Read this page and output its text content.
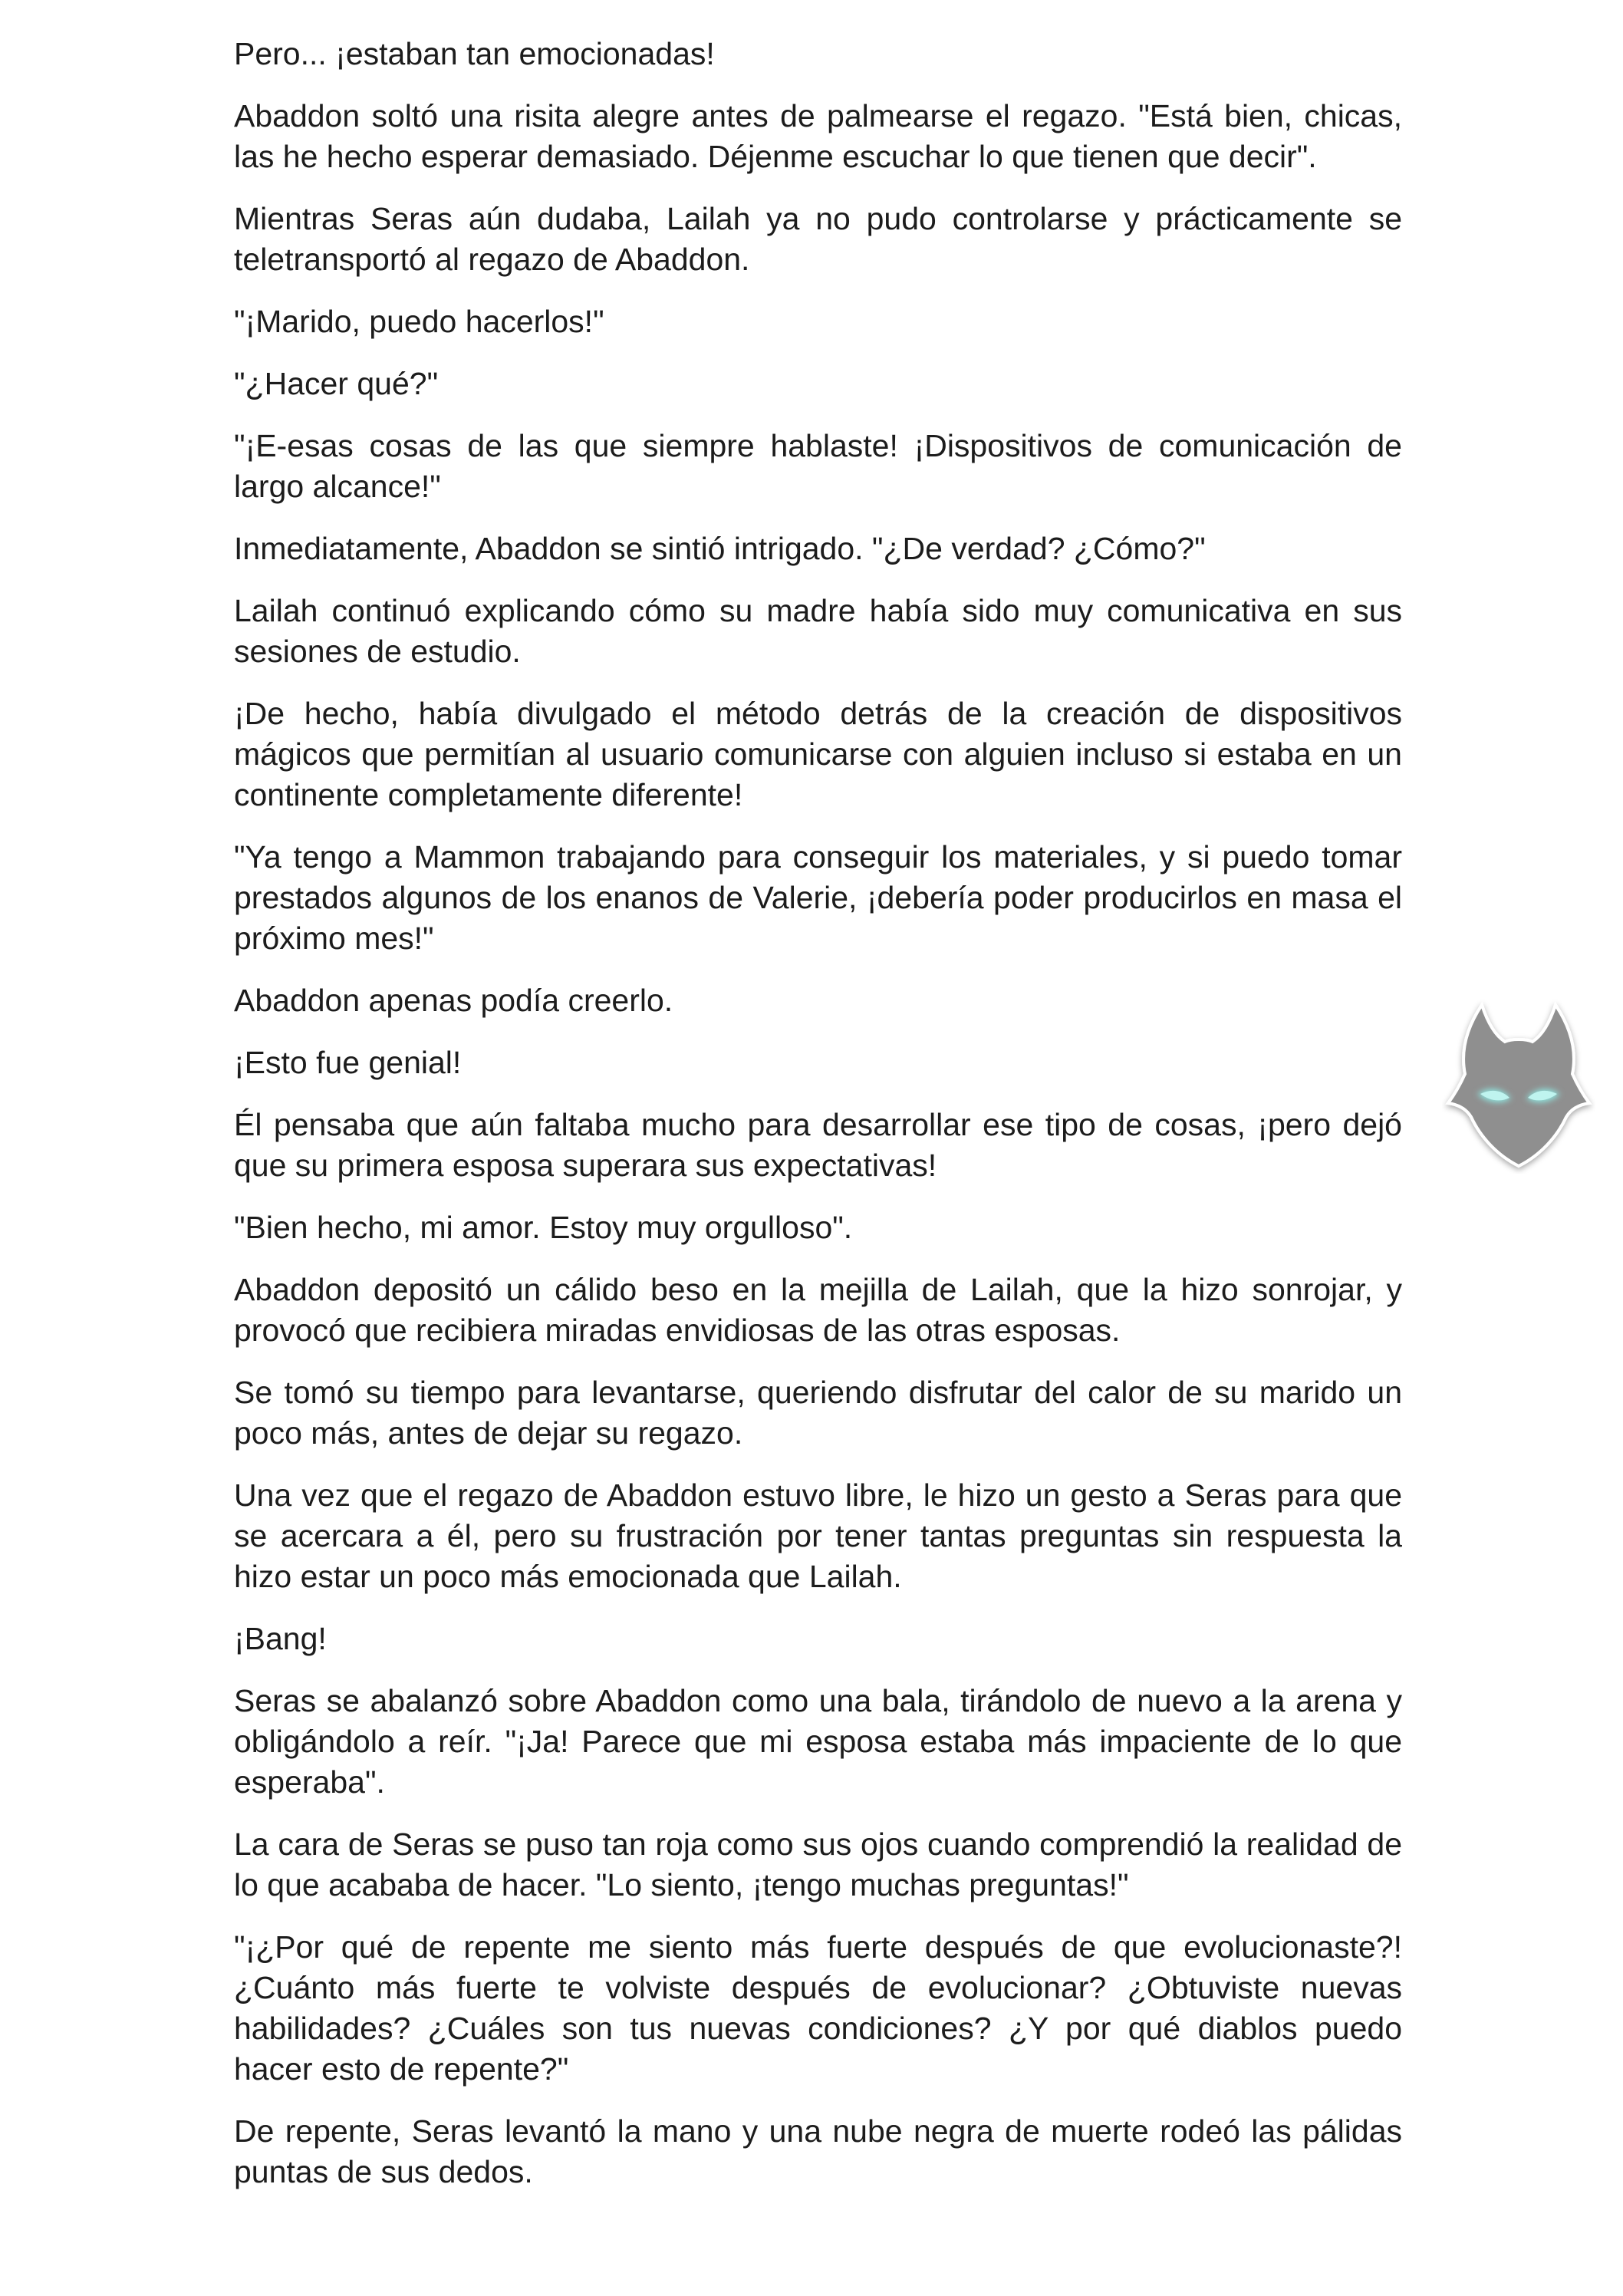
Pero... ¡estaban tan emocionadas!

Abaddon soltó una risita alegre antes de palmearse el regazo. "Está bien, chicas, las he hecho esperar demasiado. Déjenme escuchar lo que tienen que decir".

Mientras Seras aún dudaba, Lailah ya no pudo controlarse y prácticamente se teletransportó al regazo de Abaddon.

"¡Marido, puedo hacerlos!"

"¿Hacer qué?"

"¡E-esas cosas de las que siempre hablaste! ¡Dispositivos de comunicación de largo alcance!"

Inmediatamente, Abaddon se sintió intrigado. "¿De verdad? ¿Cómo?"

Lailah continuó explicando cómo su madre había sido muy comunicativa en sus sesiones de estudio.

¡De hecho, había divulgado el método detrás de la creación de dispositivos mágicos que permitían al usuario comunicarse con alguien incluso si estaba en un continente completamente diferente!

"Ya tengo a Mammon trabajando para conseguir los materiales, y si puedo tomar prestados algunos de los enanos de Valerie, ¡debería poder producirlos en masa el próximo mes!"

Abaddon apenas podía creerlo.

¡Esto fue genial!

Él pensaba que aún faltaba mucho para desarrollar ese tipo de cosas, ¡pero dejó que su primera esposa superara sus expectativas!

"Bien hecho, mi amor. Estoy muy orgulloso".

Abaddon depositó un cálido beso en la mejilla de Lailah, que la hizo sonrojar, y provocó que recibiera miradas envidiosas de las otras esposas.

Se tomó su tiempo para levantarse, queriendo disfrutar del calor de su marido un poco más, antes de dejar su regazo.

Una vez que el regazo de Abaddon estuvo libre, le hizo un gesto a Seras para que se acercara a él, pero su frustración por tener tantas preguntas sin respuesta la hizo estar un poco más emocionada que Lailah.

¡Bang!

Seras se abalanzó sobre Abaddon como una bala, tirándolo de nuevo a la arena y obligándolo a reír. "¡Ja! Parece que mi esposa estaba más impaciente de lo que esperaba".

La cara de Seras se puso tan roja como sus ojos cuando comprendió la realidad de lo que acababa de hacer. "Lo siento, ¡tengo muchas preguntas!"

"¡¿Por qué de repente me siento más fuerte después de que evolucionaste?! ¿Cuánto más fuerte te volviste después de evolucionar? ¿Obtuviste nuevas habilidades? ¿Cuáles son tus nuevas condiciones? ¿Y por qué diablos puedo hacer esto de repente?"

De repente, Seras levantó la mano y una nube negra de muerte rodeó las pálidas puntas de sus dedos.
